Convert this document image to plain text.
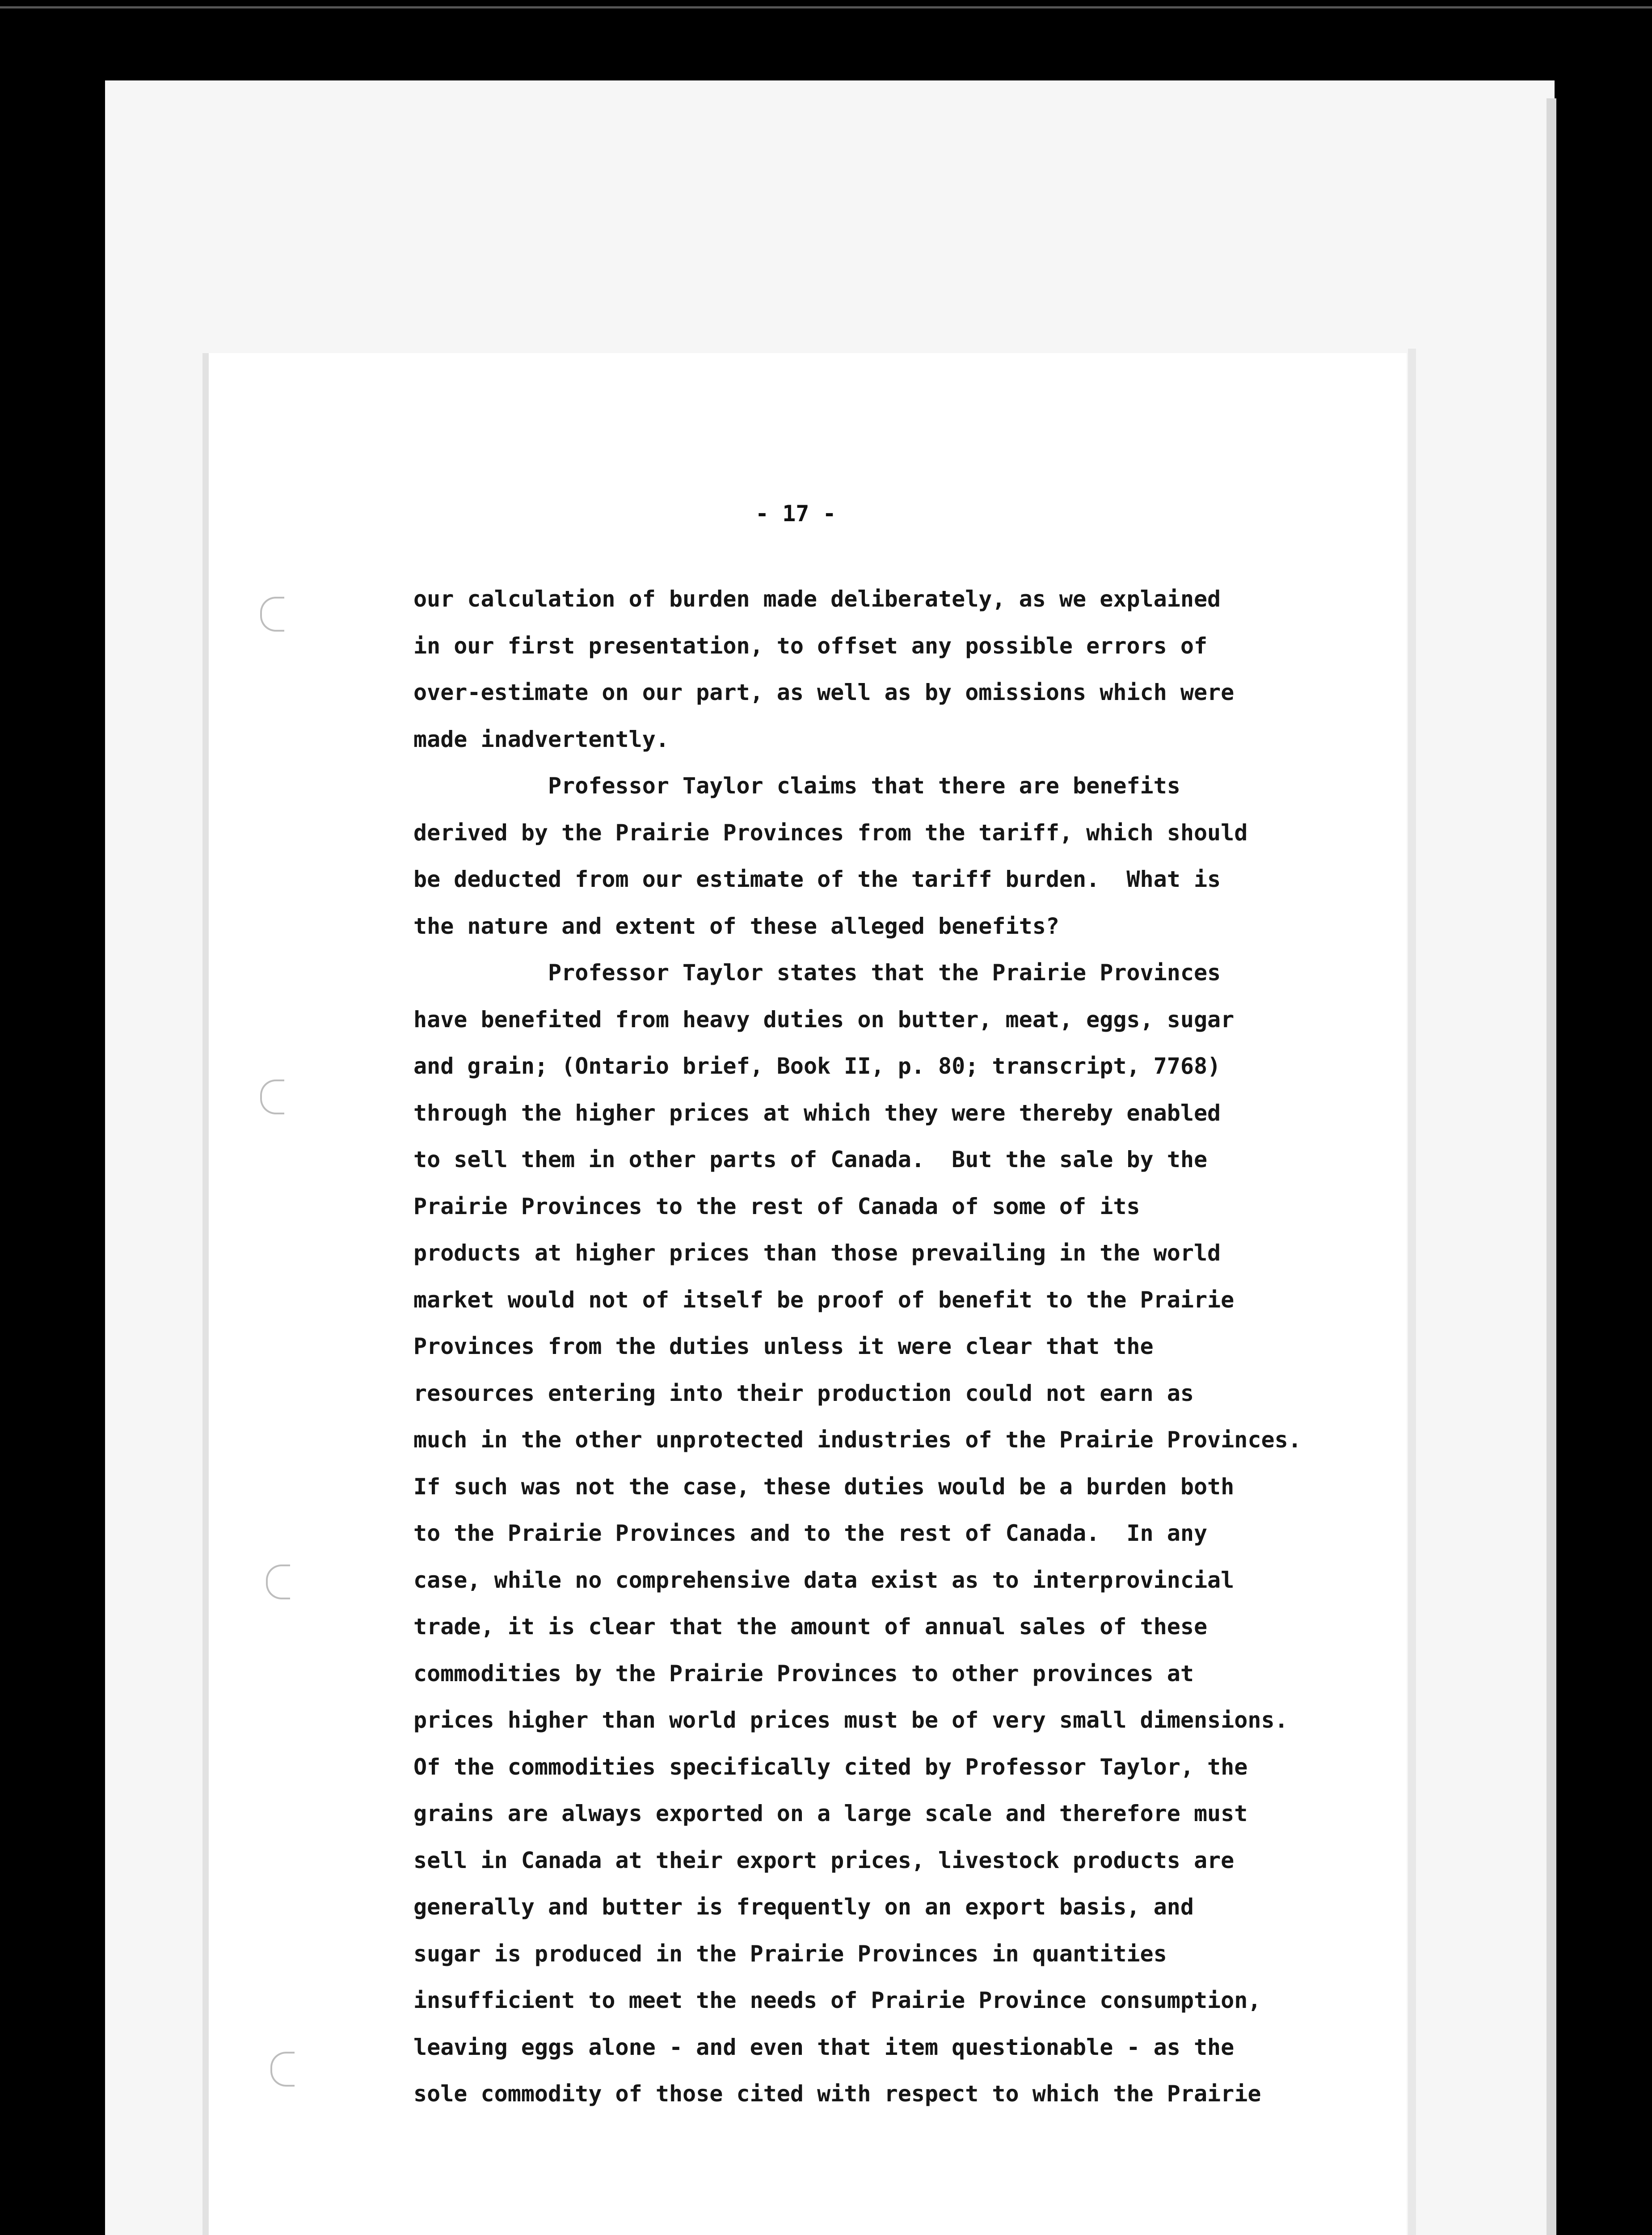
- 17 -
our calculation of burden made deliberately, as we explained
in our first presentation, to offset any possible errors of
over-estimate on our part, as well as by omissions which were
made inadvertently.
Professor Taylor claims that there are benefits
derived by the Prairie Provinces from the tariff, which should
be deducted from our estimate of the tariff burden.  What is
the nature and extent of these alleged benefits?
Professor Taylor states that the Prairie Provinces
have benefited from heavy duties on butter, meat, eggs, sugar
and grain; (Ontario brief, Book II, p. 80; transcript, 7768)
through the higher prices at which they were thereby enabled
to sell them in other parts of Canada.  But the sale by the
Prairie Provinces to the rest of Canada of some of its
products at higher prices than those prevailing in the world
market would not of itself be proof of benefit to the Prairie
Provinces from the duties unless it were clear that the
resources entering into their production could not earn as
much in the other unprotected industries of the Prairie Provinces.
If such was not the case, these duties would be a burden both
to the Prairie Provinces and to the rest of Canada.  In any
case, while no comprehensive data exist as to interprovincial
trade, it is clear that the amount of annual sales of these
commodities by the Prairie Provinces to other provinces at
prices higher than world prices must be of very small dimensions.
Of the commodities specifically cited by Professor Taylor, the
grains are always exported on a large scale and therefore must
sell in Canada at their export prices, livestock products are
generally and butter is frequently on an export basis, and
sugar is produced in the Prairie Provinces in quantities
insufficient to meet the needs of Prairie Province consumption,
leaving eggs alone - and even that item questionable - as the
sole commodity of those cited with respect to which the Prairie
